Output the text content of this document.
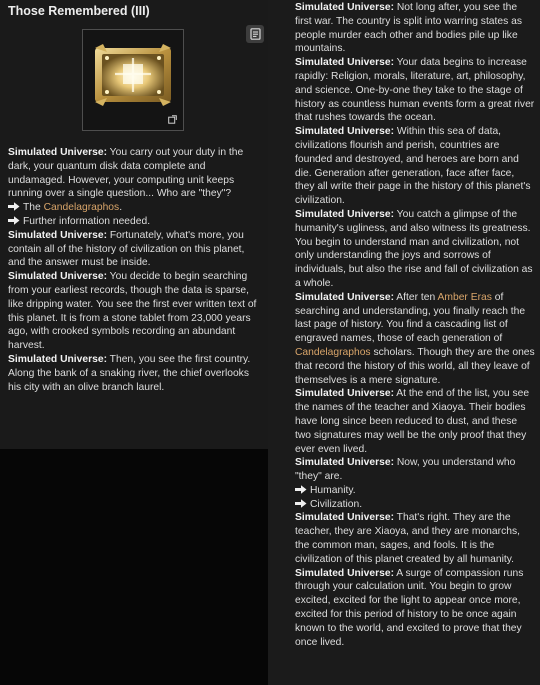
Those Remembered (III)

Simulated Universe: You carry out your duty in the dark, your quantum disk data complete and undamaged. However, your computing unit keeps running over a single question... Who are "they"?

The Candelagraphos.

Further information needed.

Simulated Universe: Fortunately, what's more, you contain all of the history of civilization on this planet, and the answer must be inside.

Simulated Universe: You decide to begin searching from your earliest records, though the data is sparse, like dripping water. You see the first ever written text of this planet. It is from a stone tablet from 23,000 years ago, with crooked symbols recording an abundant harvest.

Simulated Universe: Then, you see the first country. Along the bank of a snaking river, the chief overlooks his city with an olive branch laurel.

Simulated Universe: Not long after, you see the first war. The country is split into warring states as people murder each other and bodies pile up like mountains.

Simulated Universe: Your data begins to increase rapidly: Religion, morals, literature, art, philosophy, and science. One-by-one they take to the stage of history as countless human events form a great river that rushes towards the ocean.

Simulated Universe: Within this sea of data, civilizations flourish and perish, countries are founded and destroyed, and heroes are born and die. Generation after generation, face after face, they all write their page in the history of this planet's civilization.

Simulated Universe: You catch a glimpse of the humanity's ugliness, and also witness its greatness. You begin to understand man and civilization, not only understanding the joys and sorrows of individuals, but also the rise and fall of civilization as a whole.

Simulated Universe: After ten Amber Eras of searching and understanding, you finally reach the last page of history. You find a cascading list of engraved names, those of each generation of Candelagraphos scholars. Though they are the ones that record the history of this world, all they leave of themselves is a mere signature.

Simulated Universe: At the end of the list, you see the names of the teacher and Xiaoya. Their bodies have long since been reduced to dust, and these two signatures may well be the only proof that they ever even lived.

Simulated Universe: Now, you understand who "they" are.

Humanity.

Civilization.

Simulated Universe: That's right. They are the teacher, they are Xiaoya, and they are monarchs, the common man, sages, and fools. It is the civilization of this planet created by all humanity.

Simulated Universe: A surge of compassion runs through your calculation unit. You begin to grow excited, excited for the light to appear once more, excited for this period of history to be once again known to the world, and excited to prove that they once lived.
